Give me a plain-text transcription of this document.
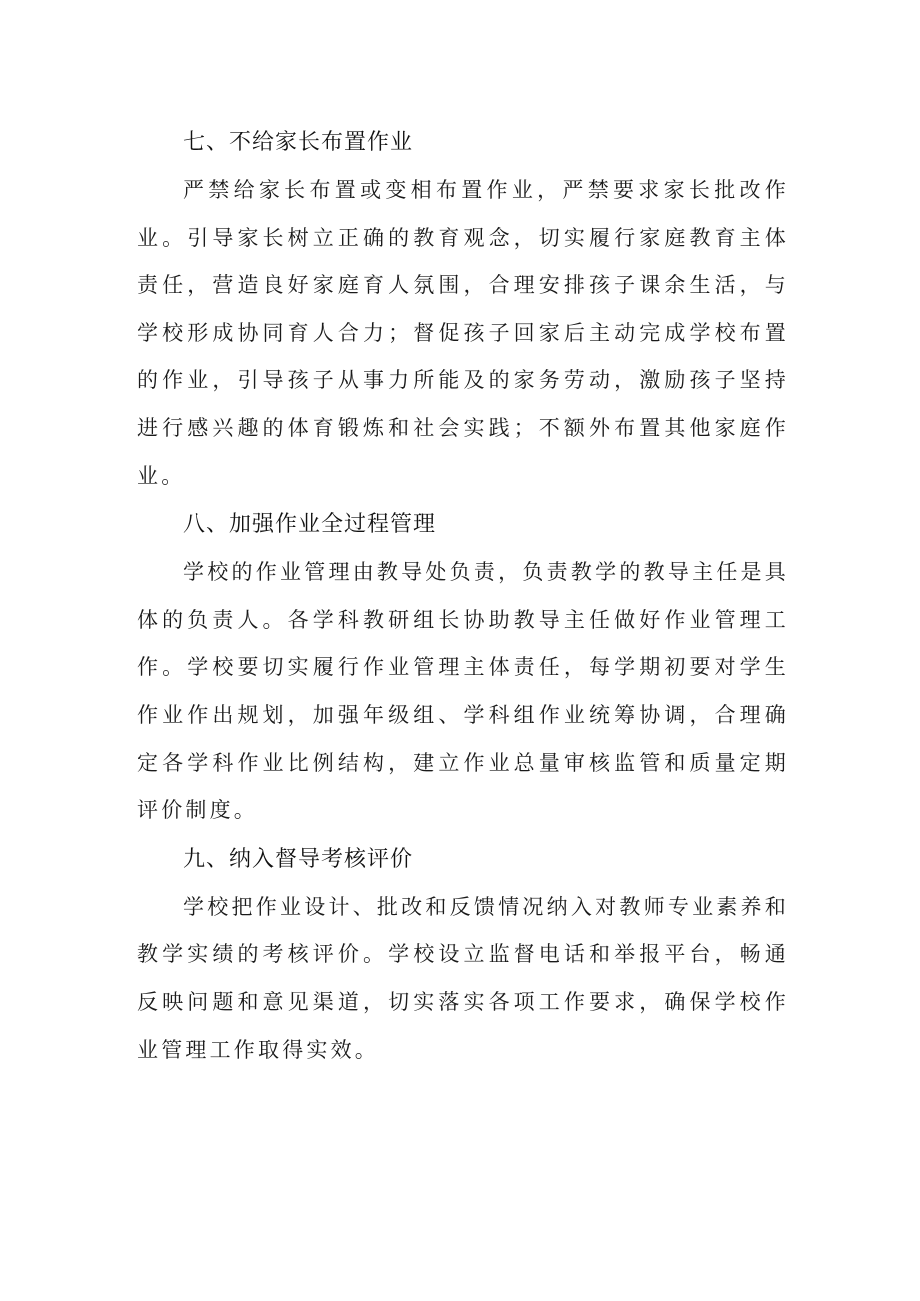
七、不给家长布置作业

严禁给家长布置或变相布置作业，严禁要求家长批改作业。引导家长树立正确的教育观念，切实履行家庭教育主体责任，营造良好家庭育人氛围，合理安排孩子课余生活，与学校形成协同育人合力；督促孩子回家后主动完成学校布置的作业，引导孩子从事力所能及的家务劳动，激励孩子坚持进行感兴趣的体育锻炼和社会实践；不额外布置其他家庭作业。

八、加强作业全过程管理

学校的作业管理由教导处负责，负责教学的教导主任是具体的负责人。各学科教研组长协助教导主任做好作业管理工作。学校要切实履行作业管理主体责任，每学期初要对学生作业作出规划，加强年级组、学科组作业统筹协调，合理确定各学科作业比例结构，建立作业总量审核监管和质量定期评价制度。

九、纳入督导考核评价

学校把作业设计、批改和反馈情况纳入对教师专业素养和教学实绩的考核评价。学校设立监督电话和举报平台，畅通反映问题和意见渠道，切实落实各项工作要求，确保学校作业管理工作取得实效。
